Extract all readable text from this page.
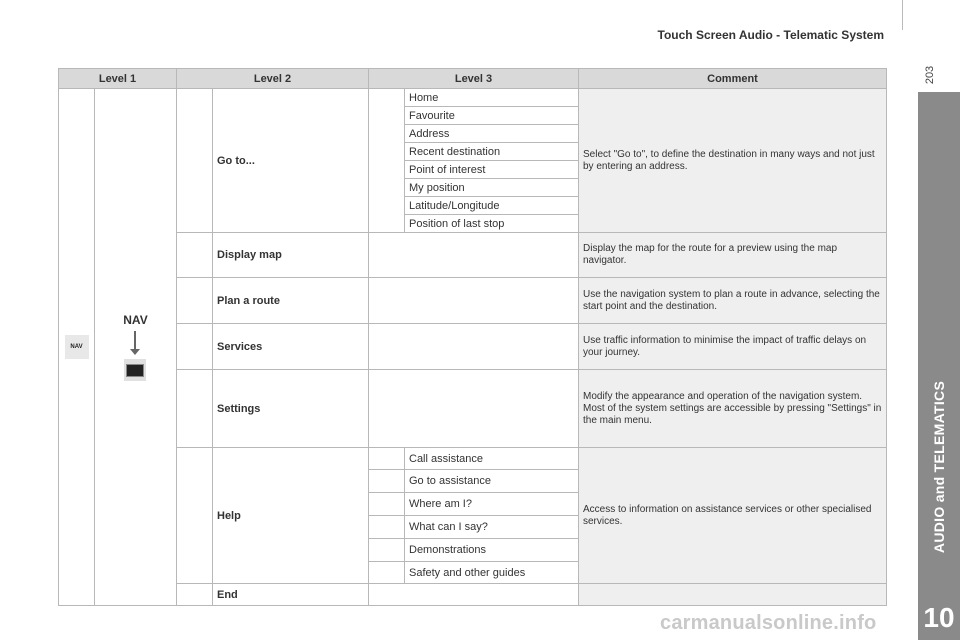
Touch Screen Audio - Telematic System
203
AUDIO and TELEMATICS
10
Level 1		Level 2		Level 3		Comment
NAV	NAV		Go to...		Home	Select "Go to", to define the destination in many ways and not just by entering an address.
					Favourite	
					Address	
					Recent destination	
					Point of interest	
					My position	
					Latitude/Longitude	
					Position of last stop	
			Display map			Display the map for the route for a preview using the map navigator.
			Plan a route			Use the navigation system to plan a route in advance, selecting the start point and the destination.
			Services			Use traffic information to minimise the impact of traffic delays on your journey.
			Settings			Modify the appearance and operation of the navigation system.
Most of the system settings are accessible by pressing "Settings" in the main menu.

			Help		Call assistance	Access to information on assistance services or other specialised services.
					Go to assistance	
					Where am I?	
					What can I say?	
					Demonstrations	
					Safety and other guides	
			End			
carmanualsonline.info
